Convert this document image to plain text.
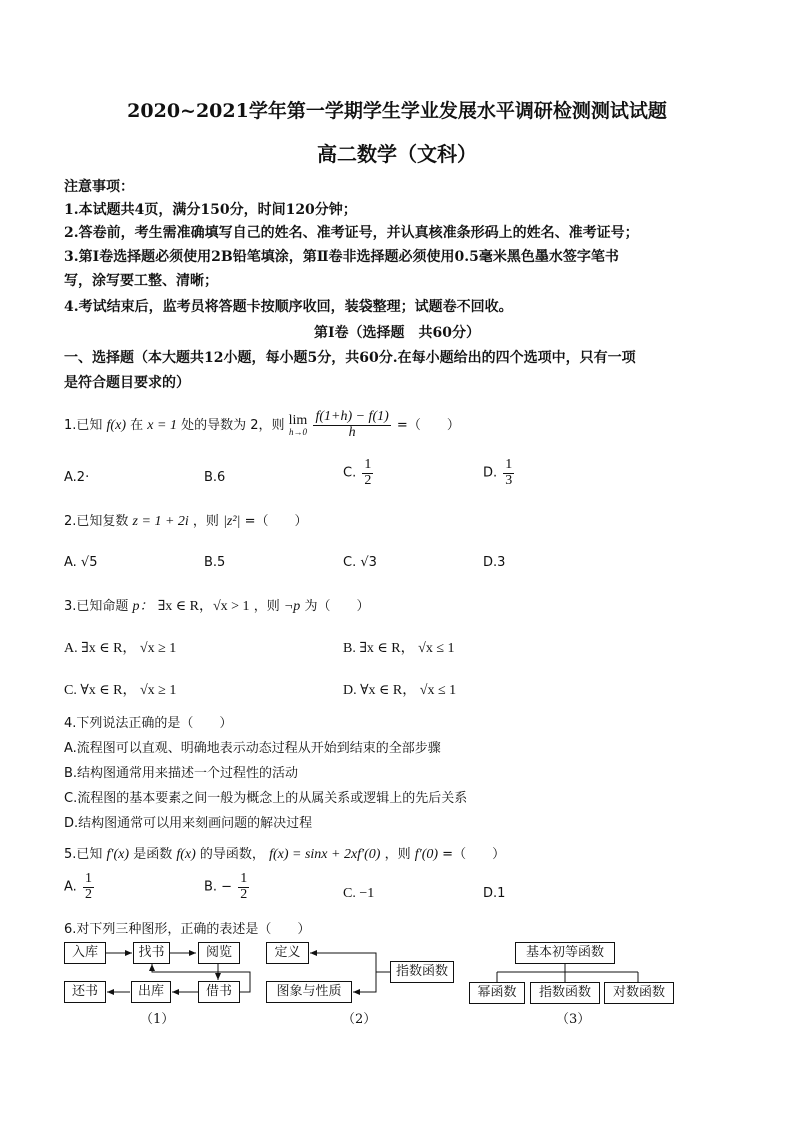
2020~2021学年第一学期学生学业发展水平调研检测测试试题
高二数学（文科）
注意事项：
1.本试题共4页，满分150分，时间120分钟；
2.答卷前，考生需准确填写自己的姓名、准考证号，并认真核准条形码上的姓名、准考证号；
3.第Ⅰ卷选择题必须使用2B铅笔填涂，第Ⅱ卷非选择题必须使用0.5毫米黑色墨水签字笔书
写，涂写要工整、清晰；
4.考试结束后，监考员将答题卡按顺序收回，装袋整理；试题卷不回收。
第Ⅰ卷（选择题　共60分）
一、选择题（本大题共12小题，每小题5分，共60分.在每小题给出的四个选项中，只有一项
是符合题目要求的）
1.已知 f(x) 在 x = 1 处的导数为 2，则 lim
h→0
$\frac{f(1+h) - f(1)}{h}$ =（　　）
A.2·	B.6	C. $\frac{1}{2}$	D. $\frac{1}{3}$
2.已知复数 z = 1 + 2i ，则 |z²| =（　　）
A. √5	B.5	C. √3	D.3
3.已知命题 p： ∃x ∈ R，√x > 1 ，则 ¬p 为（　　）
A. ∃x ∈ R， √x ≥ 1	B. ∃x ∈ R， √x ≤ 1
C. ∀x ∈ R， √x ≥ 1	D. ∀x ∈ R， √x ≤ 1
4.下列说法正确的是（　　）
A.流程图可以直观、明确地表示动态过程从开始到结束的全部步骤
B.结构图通常用来描述一个过程性的活动
C.流程图的基本要素之间一般为概念上的从属关系或逻辑上的先后关系
D.结构图通常可以用来刻画问题的解决过程
5.已知 f′(x) 是函数 f(x) 的导函数， f(x) = sinx + 2xf′(0) ，则 f′(0) =（　　）
A. $\frac{1}{2}$	B. − $\frac{1}{2}$	C. −1	D.1
6.对下列三种图形，正确的表述是（　　）
入库	找书	阅览
还书	出库	借书
（1）
定义
图象与性质
指数函数
（2）
基本初等函数
幂函数	指数函数	对数函数
（3）
